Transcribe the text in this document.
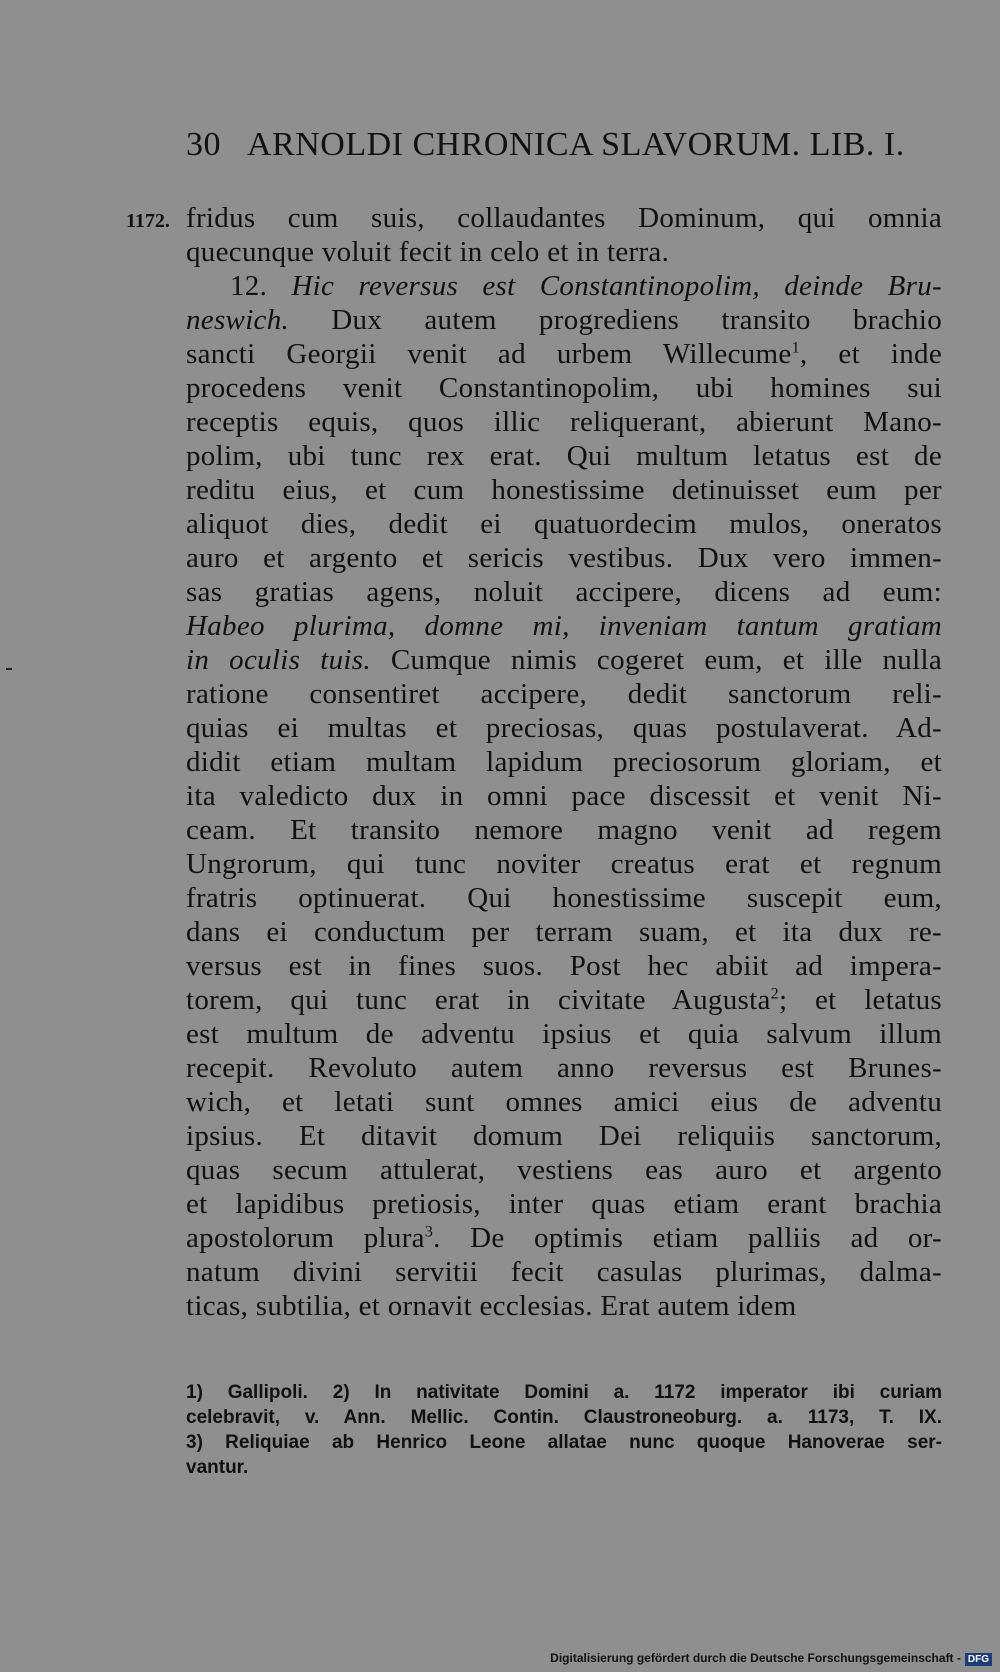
30 ARNOLDI CHRONICA SLAVORUM. LIB. I.
1172. fridus cum suis, collaudantes Dominum, qui omnia
quecunque voluit fecit in celo et in terra.
12. Hic reversus est Constantinopolim, deinde Bru-
neswich. Dux autem progrediens transito brachio
sancti Georgii venit ad urbem Willecume$^1$, et inde
procedens venit Constantinopolim, ubi homines sui
receptis equis, quos illic reliquerant, abierunt Mano-
polim, ubi tunc rex erat. Qui multum letatus est de
reditu eius, et cum honestissime detinuisset eum per
aliquot dies, dedit ei quatuordecim mulos, oneratos
auro et argento et sericis vestibus. Dux vero immen-
sas gratias agens, noluit accipere, dicens ad eum:
Habeo plurima, domne mi, inveniam tantum gratiam
in oculis tuis. Cumque nimis cogeret eum, et ille nulla
ratione consentiret accipere, dedit sanctorum reli-
quias ei multas et preciosas, quas postulaverat. Ad-
didit etiam multam lapidum preciosorum gloriam, et
ita valedicto dux in omni pace discessit et venit Ni-
ceam. Et transito nemore magno venit ad regem
Ungrorum, qui tunc noviter creatus erat et regnum
fratris optinuerat. Qui honestissime suscepit eum,
dans ei conductum per terram suam, et ita dux re-
versus est in fines suos. Post hec abiit ad impera-
torem, qui tunc erat in civitate Augusta$^2$; et letatus
est multum de adventu ipsius et quia salvum illum
recepit. Revoluto autem anno reversus est Brunes-
wich, et letati sunt omnes amici eius de adventu
ipsius. Et ditavit domum Dei reliquiis sanctorum,
quas secum attulerat, vestiens eas auro et argento
et lapidibus pretiosis, inter quas etiam erant brachia
apostolorum plura$^3$. De optimis etiam palliis ad or-
natum divini servitii fecit casulas plurimas, dalma-
ticas, subtilia, et ornavit ecclesias. Erat autem idem
1) Gallipoli. 2) In nativitate Domini a. 1172 imperator ibi curiam
celebravit, v. Ann. Mellic. Contin. Claustroneoburg. a. 1173, T. IX.
3) Reliquiae ab Henrico Leone allatae nunc quoque Hanoverae ser-
vantur.
Digitalisierung gefördert durch die Deutsche Forschungsgemeinschaft - DFG
